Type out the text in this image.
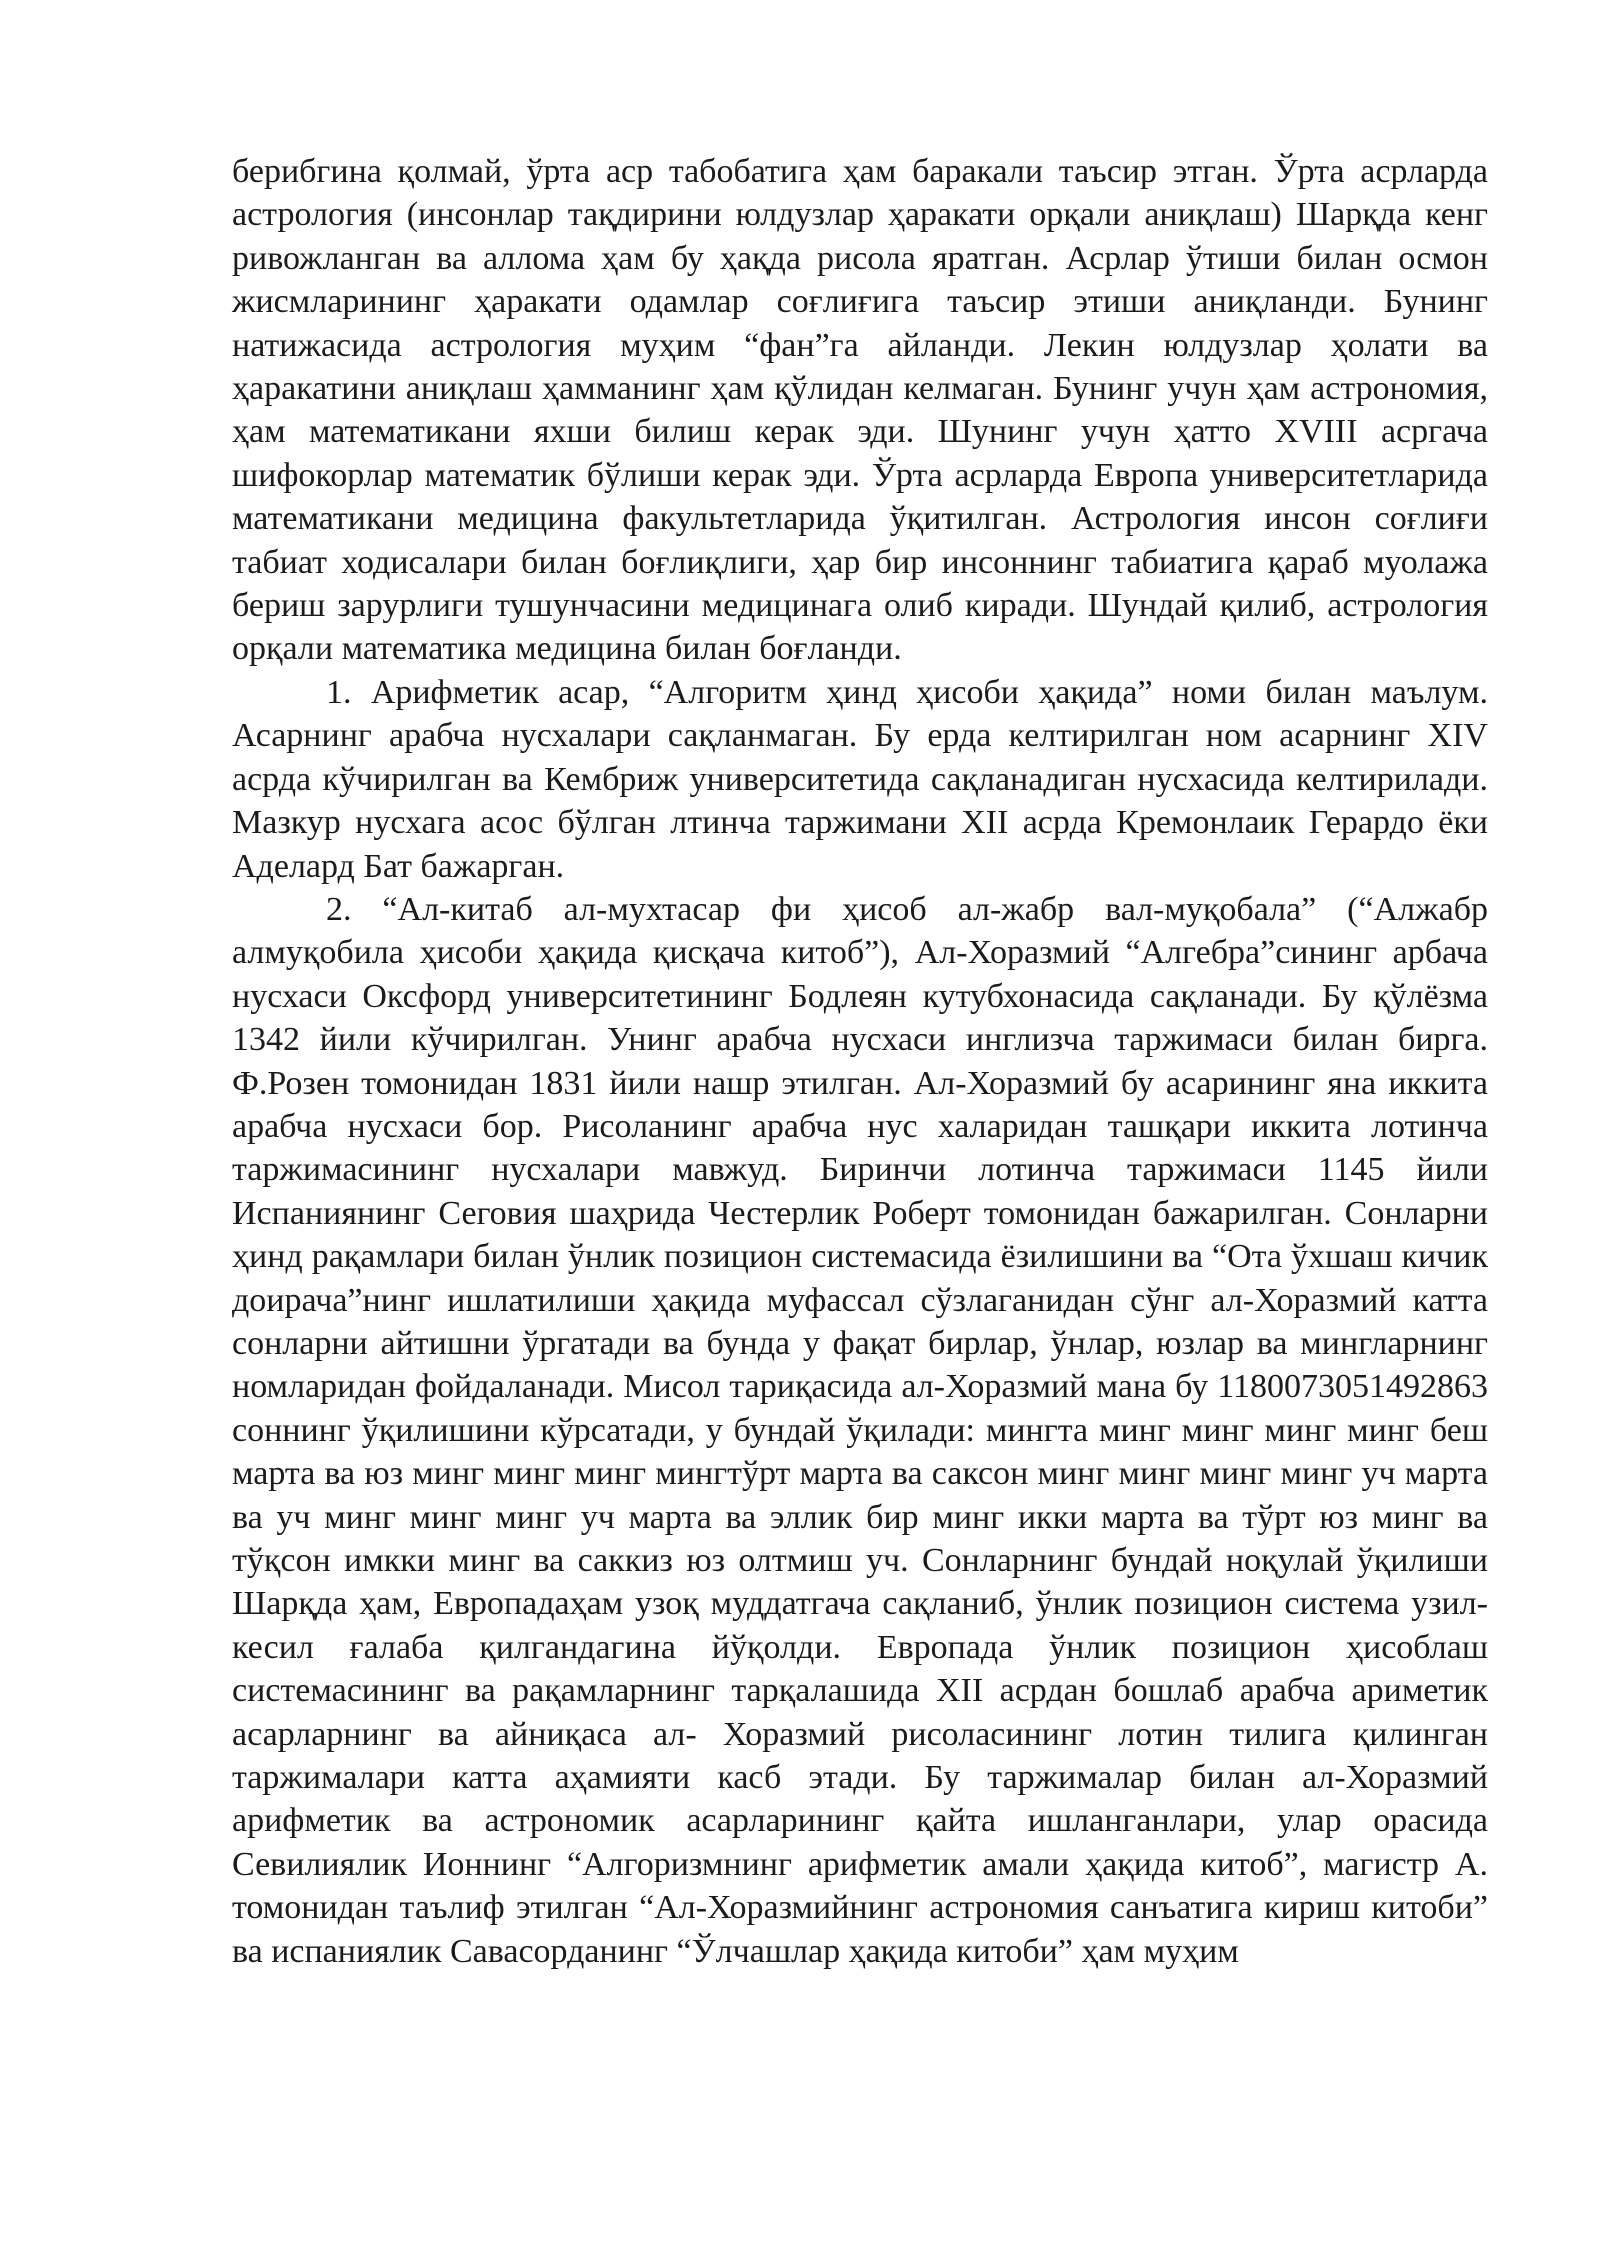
берибгина қолмай, ўрта аср табобатига ҳам баракали таъсир этган. Ўрта асрларда астрология (инсонлар тақдирини юлдузлар ҳаракати орқали аниқлаш) Шарқда кенг ривожланган ва аллома ҳам бу ҳақда рисола яратган. Асрлар ўтиши билан осмон жисмларининг ҳаракати одамлар соғлиғига таъсир этиши аниқланди. Бунинг натижасида астрология муҳим “фан”га айланди. Лекин юлдузлар ҳолати ва ҳаракатини аниқлаш ҳамманинг ҳам қўлидан келмаган. Бунинг учун ҳам астрономия, ҳам математикани яхши билиш керак эди. Шунинг учун ҳатто XVIII асргача шифокорлар математик бўлиши керак эди. Ўрта асрларда Европа университетларида математикани медицина факультетларида ўқитилган. Астрология инсон соғлиғи табиат ходисалари билан боғлиқлиги, ҳар бир инсоннинг табиатига қараб муолажа бериш зарурлиги тушунчасини медицинага олиб киради. Шундай қилиб, астрология орқали математика медицина билан боғланди.

1. Арифметик асар, “Алгоритм ҳинд ҳисоби ҳақида” номи билан маълум. Асарнинг арабча нусхалари сақланмаган. Бу ерда келтирилган ном асарнинг XIV асрда кўчирилган ва Кембриж университетида сақланадиган нусхасида келтирилади. Мазкур нусхага асос бўлган лтинча таржимани XII асрда Кремонлаик Герардо ёки Аделард Бат бажарган.

2. “Ал-китаб ал-мухтасар фи ҳисоб ал-жабр вал-муқобала” (“Алжабр алмуқобила ҳисоби ҳақида қисқача китоб”), Ал-Хоразмий “Алгебра”сининг арбача нусхаси Оксфорд университетининг Бодлеян кутубхонасида сақланади. Бу қўлёзма 1342 йили кўчирилган. Унинг арабча нусхаси инглизча таржимаси билан бирга. Ф.Розен томонидан 1831 йили нашр этилган. Ал-Хоразмий бу асарининг яна иккита арабча нусхаси бор. Рисоланинг арабча нус халаридан ташқари иккита лотинча таржимасининг нусхалари мавжуд. Биринчи лотинча таржимаси 1145 йили Испаниянинг Сеговия шаҳрида Честерлик Роберт томонидан бажарилган. Сонларни ҳинд рақамлари билан ўнлик позицион системасида ёзилишини ва “Ота ўхшаш кичик доирача”нинг ишлатилиши ҳақида муфассал сўзлаганидан сўнг ал-Хоразмий катта сонларни айтишни ўргатади ва бунда у фақат бирлар, ўнлар, юзлар ва мингларнинг номларидан фойдаланади. Мисол тариқасида ал-Хоразмий мана бу 1180073051492863 соннинг ўқилишини кўрсатади, у бундай ўқилади: мингта минг минг минг минг беш марта ва юз минг минг минг мингтўрт марта ва саксон минг минг минг минг уч марта ва уч минг минг минг уч марта ва эллик бир минг икки марта ва тўрт юз минг ва тўқсон имкки минг ва саккиз юз олтмиш уч. Сонларнинг бундай ноқулай ўқилиши Шарқда ҳам, Европадаҳам узоқ муддатгача сақланиб, ўнлик позицион система узил-кесил ғалаба қилгандагина йўқолди. Европада ўнлик позицион ҳисоблаш системасининг ва рақамларнинг тарқалашида XII асрдан бошлаб арабча ариметик асарларнинг ва айниқаса ал- Хоразмий рисоласининг лотин тилига қилинган таржималари катта аҳамияти касб этади. Бу таржималар билан ал-Хоразмий арифметик ва астрономик асарларининг қайта ишланганлари, улар орасида Севилиялик Ионнинг “Алгоризмнинг арифметик амали ҳақида китоб”, магистр А. томонидан таълиф этилган “Ал-Хоразмийнинг астрономия санъатига кириш китоби” ва испаниялик Савасорданинг “Ўлчашлар ҳақида китоби” ҳам муҳим
